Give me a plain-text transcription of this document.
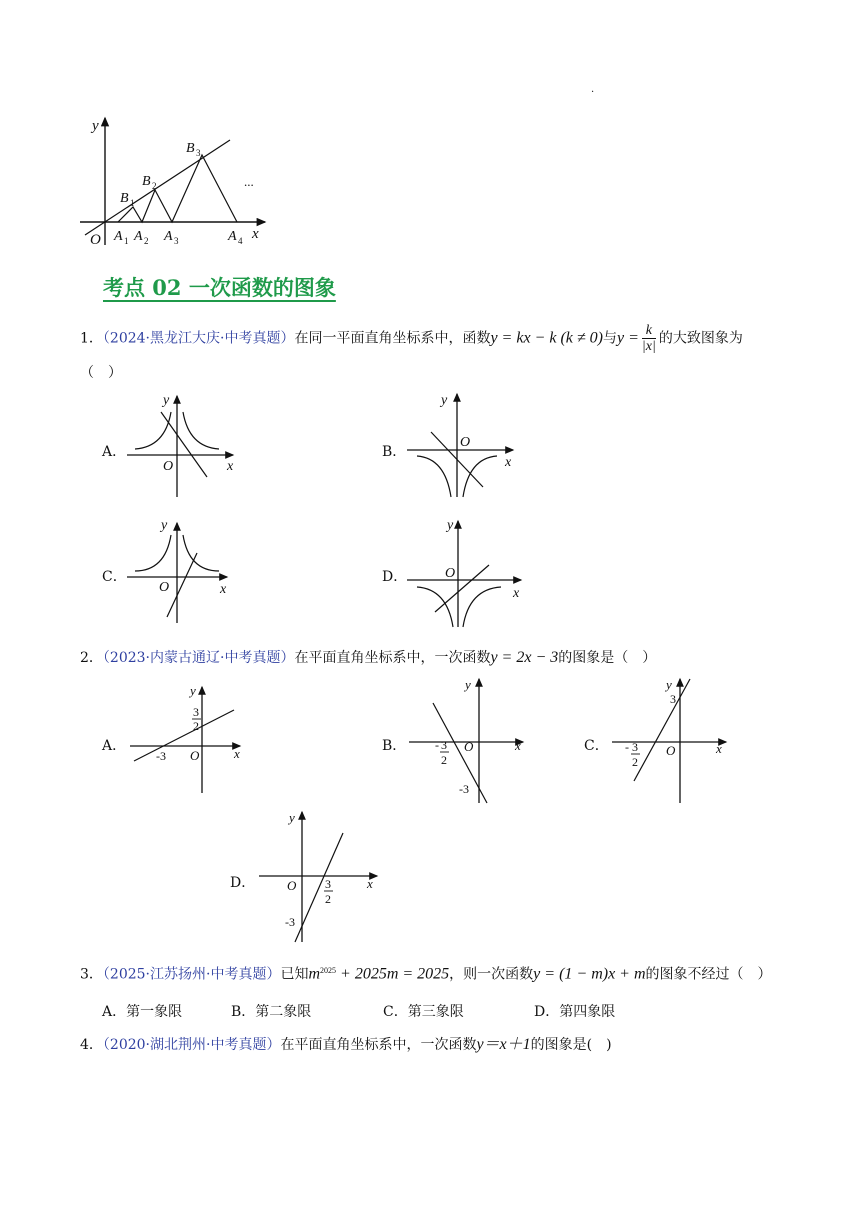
.
y
x
O
...
B 1
B 2
B 3
A 1 A 2 A 3	A 4
考点 02 一次函数的图象
1．（2024·黑龙江大庆·中考真题）在同一平面直角坐标系中，函数y = kx − k (k ≠ 0)与$y = \frac{k}{|x|}$ 的大致图象为
（　）
A．	B．
C．	D．
y
x
O
y
x
O
y
x
O
y
x
O
2．（2023·内蒙古通辽·中考真题）在平面直角坐标系中，一次函数y = 2x − 3的图象是（　）
A．	B．	C．
D．
y
x
O
-3
3
2
y
x
O
- 3
2
-3
y
x
O
3
- 3
2
y
x
O 3
2
-3
3．（2025·江苏扬州·中考真题）已知$m^{2025} + 2025m = 2025$，则一次函数y = (1 − m)x + m的图象不经过（　）
A．第一象限	B．第二象限	C．第三象限	D．第四象限
4．（2020·湖北荆州·中考真题）在平面直角坐标系中，一次函数y＝x＋1的图象是(　)
